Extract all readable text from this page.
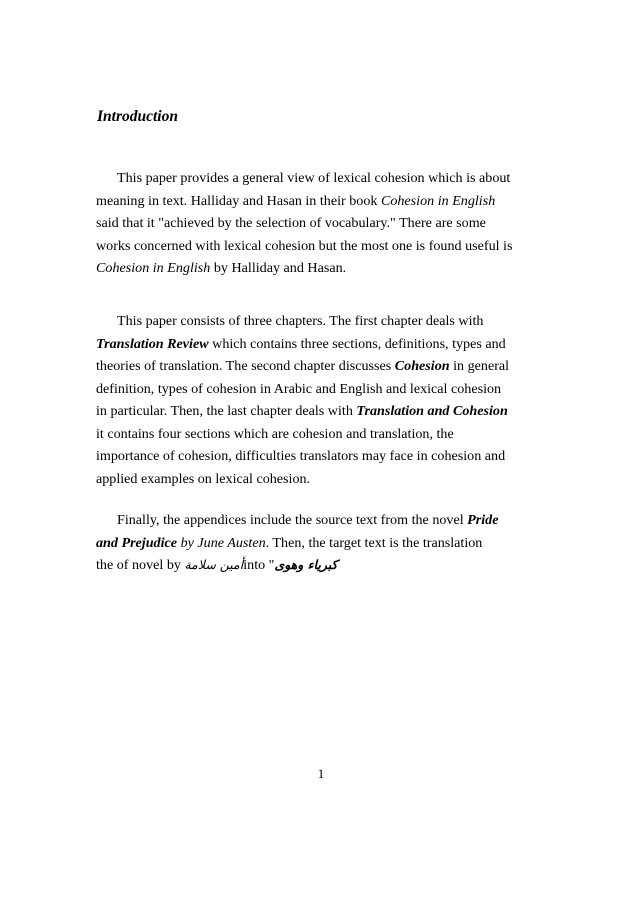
Introduction

This paper provides a general view of lexical cohesion which is about
meaning in text. Halliday and Hasan in their book Cohesion in English
said that it "achieved by the selection of vocabulary." There are some
works concerned with lexical cohesion but the most one is found useful is
Cohesion in English by Halliday and Hasan.

This paper consists of three chapters. The first chapter deals with
Translation Review which contains three sections, definitions, types and
theories of translation. The second chapter discusses Cohesion in general
definition, types of cohesion in Arabic and English and lexical cohesion
in particular. Then, the last chapter deals with Translation and Cohesion
it contains four sections which are cohesion and translation, the
importance of cohesion, difficulties translators may face in cohesion and
applied examples on lexical cohesion.

Finally, the appendices include the source text from the novel Pride
and Prejudice by June Austen. Then, the target text is the translation
the of novel by أمين سلامةinto "كبرياء وهوى

1
